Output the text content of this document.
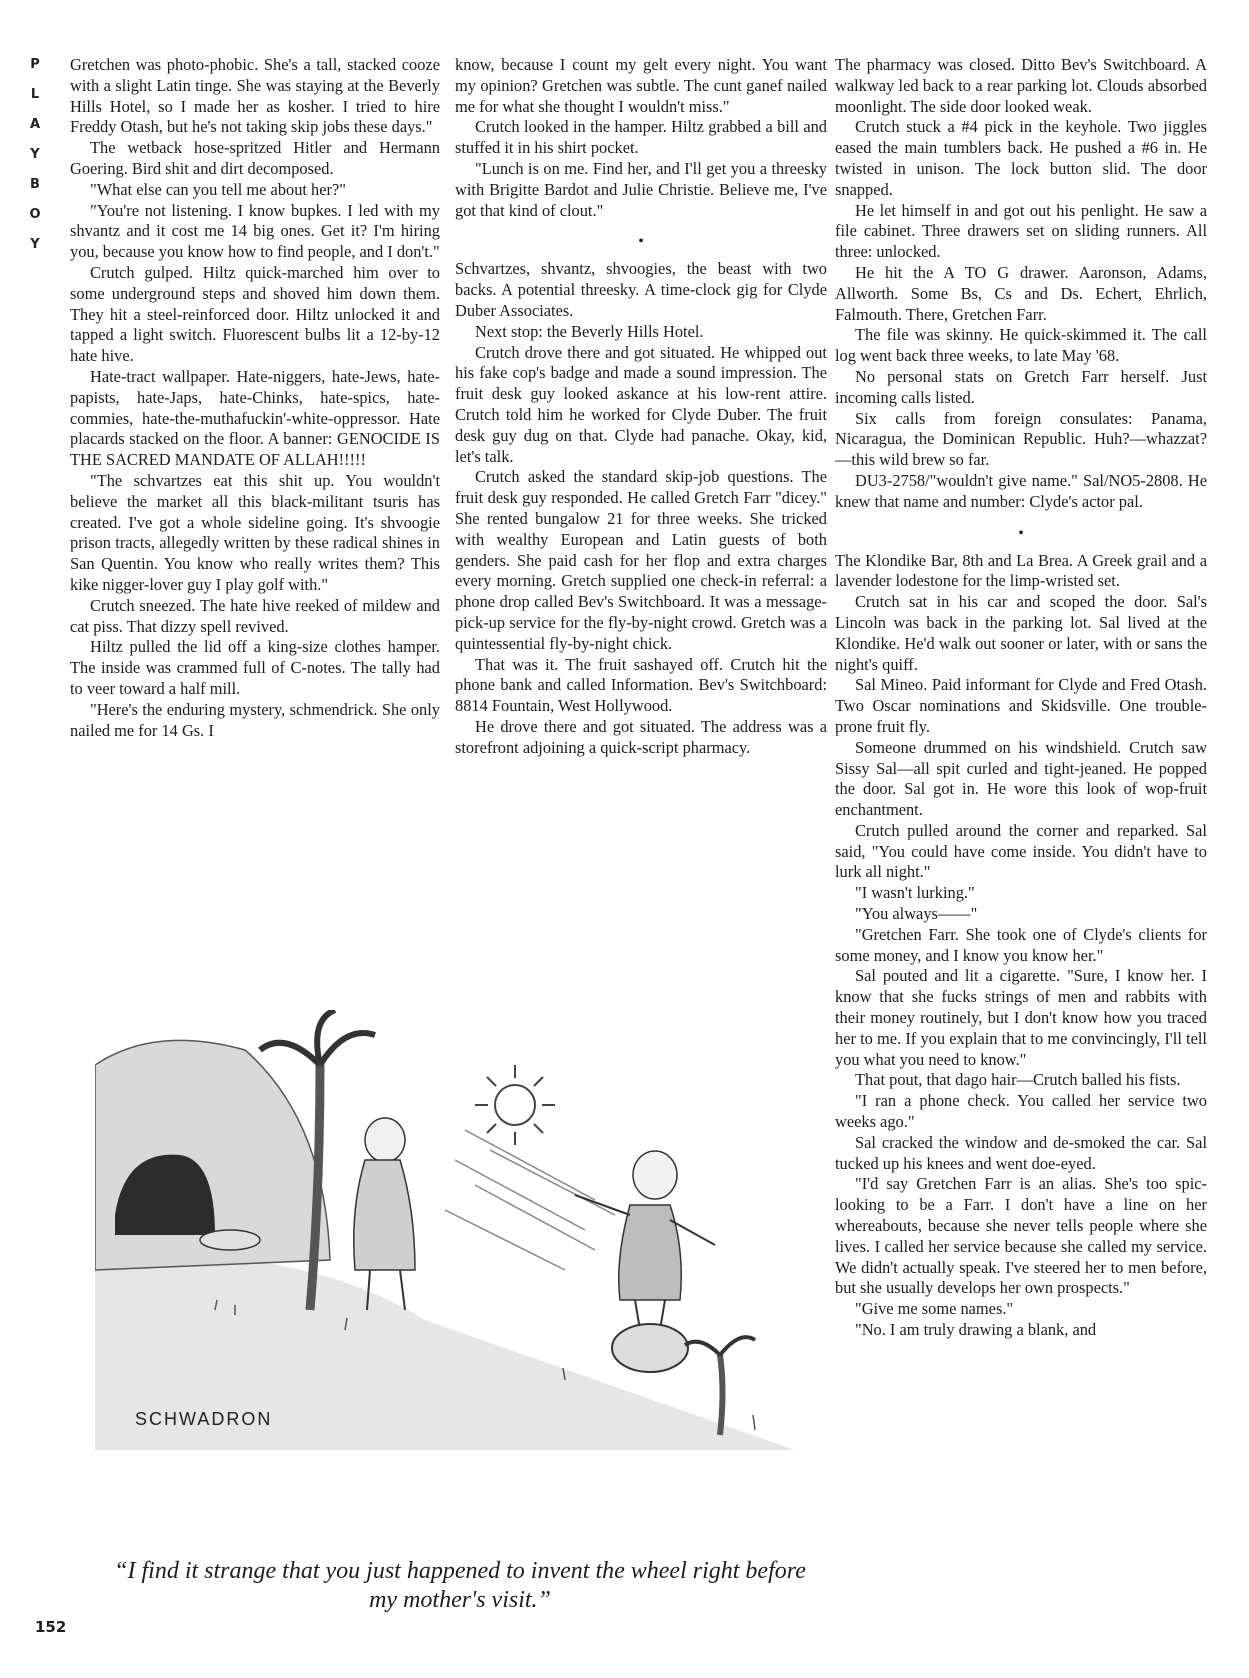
PLAYBOY

Gretchen was photo-phobic. She's a tall, stacked cooze with a slight Latin tinge. She was staying at the Beverly Hills Hotel, so I made her as kosher. I tried to hire Freddy Otash, but he's not taking skip jobs these days."

The wetback hose-spritzed Hitler and Hermann Goering. Bird shit and dirt decomposed.

"What else can you tell me about her?"

"You're not listening. I know bupkes. I led with my shvantz and it cost me 14 big ones. Get it? I'm hiring you, because you know how to find people, and I don't."

Crutch gulped. Hiltz quick-marched him over to some underground steps and shoved him down them. They hit a steel-reinforced door. Hiltz unlocked it and tapped a light switch. Fluorescent bulbs lit a 12-by-12 hate hive.

Hate-tract wallpaper. Hate-niggers, hate-Jews, hate-papists, hate-Japs, hate-Chinks, hate-spics, hate-commies, hate-the-muthafuckin'-white-oppressor. Hate placards stacked on the floor. A banner: GENOCIDE IS THE SACRED MANDATE OF ALLAH!!!!!

"The schvartzes eat this shit up. You wouldn't believe the market all this black-militant tsuris has created. I've got a whole sideline going. It's shvoogie prison tracts, allegedly written by these radical shines in San Quentin. You know who really writes them? This kike nigger-lover guy I play golf with."

Crutch sneezed. The hate hive reeked of mildew and cat piss. That dizzy spell revived.

Hiltz pulled the lid off a king-size clothes hamper. The inside was crammed full of C-notes. The tally had to veer toward a half mill.

"Here's the enduring mystery, schmendrick. She only nailed me for 14 Gs. I

know, because I count my gelt every night. You want my opinion? Gretchen was subtle. The cunt ganef nailed me for what she thought I wouldn't miss."

Crutch looked in the hamper. Hiltz grabbed a bill and stuffed it in his shirt pocket.

"Lunch is on me. Find her, and I'll get you a threesky with Brigitte Bardot and Julie Christie. Believe me, I've got that kind of clout."

•

Schvartzes, shvantz, shvoogies, the beast with two backs. A potential threesky. A time-clock gig for Clyde Duber Associates.

Next stop: the Beverly Hills Hotel.

Crutch drove there and got situated. He whipped out his fake cop's badge and made a sound impression. The fruit desk guy looked askance at his low-rent attire. Crutch told him he worked for Clyde Duber. The fruit desk guy dug on that. Clyde had panache. Okay, kid, let's talk.

Crutch asked the standard skip-job questions. The fruit desk guy responded. He called Gretch Farr "dicey." She rented bungalow 21 for three weeks. She tricked with wealthy European and Latin guests of both genders. She paid cash for her flop and extra charges every morning. Gretch supplied one check-in referral: a phone drop called Bev's Switchboard. It was a message-pick-up service for the fly-by-night crowd. Gretch was a quintessential fly-by-night chick.

That was it. The fruit sashayed off. Crutch hit the phone bank and called Information. Bev's Switchboard: 8814 Fountain, West Hollywood.

He drove there and got situated. The address was a storefront adjoining a quick-script pharmacy.

The pharmacy was closed. Ditto Bev's Switchboard. A walkway led back to a rear parking lot. Clouds absorbed moonlight. The side door looked weak.

Crutch stuck a #4 pick in the keyhole. Two jiggles eased the main tumblers back. He pushed a #6 in. He twisted in unison. The lock button slid. The door snapped.

He let himself in and got out his penlight. He saw a file cabinet. Three drawers set on sliding runners. All three: unlocked.

He hit the A TO G drawer. Aaronson, Adams, Allworth. Some Bs, Cs and Ds. Echert, Ehrlich, Falmouth. There, Gretchen Farr.

The file was skinny. He quick-skimmed it. The call log went back three weeks, to late May '68.

No personal stats on Gretch Farr herself. Just incoming calls listed.

Six calls from foreign consulates: Panama, Nicaragua, the Dominican Republic. Huh?—whazzat?—this wild brew so far.

DU3-2758/"wouldn't give name." Sal/NO5-2808. He knew that name and number: Clyde's actor pal.

•

The Klondike Bar, 8th and La Brea. A Greek grail and a lavender lodestone for the limp-wristed set.

Crutch sat in his car and scoped the door. Sal's Lincoln was back in the parking lot. Sal lived at the Klondike. He'd walk out sooner or later, with or sans the night's quiff.

Sal Mineo. Paid informant for Clyde and Fred Otash. Two Oscar nominations and Skidsville. One trouble-prone fruit fly.

Someone drummed on his windshield. Crutch saw Sissy Sal—all spit curled and tight-jeaned. He popped the door. Sal got in. He wore this look of wop-fruit enchantment.

Crutch pulled around the corner and reparked. Sal said, "You could have come inside. You didn't have to lurk all night."

"I wasn't lurking."

"You always——"

"Gretchen Farr. She took one of Clyde's clients for some money, and I know you know her."

Sal pouted and lit a cigarette. "Sure, I know her. I know that she fucks strings of men and rabbits with their money routinely, but I don't know how you traced her to me. If you explain that to me convincingly, I'll tell you what you need to know."

That pout, that dago hair—Crutch balled his fists.

"I ran a phone check. You called her service two weeks ago."

Sal cracked the window and de-smoked the car. Sal tucked up his knees and went doe-eyed.

"I'd say Gretchen Farr is an alias. She's too spic-looking to be a Farr. I don't have a line on her whereabouts, because she never tells people where she lives. I called her service because she called my service. We didn't actually speak. I've steered her to men before, but she usually develops her own prospects."

"Give me some names."

"No. I am truly drawing a blank, and

SCHWADRON
“I find it strange that you just happened to invent the wheel right before my mother's visit.”
152
